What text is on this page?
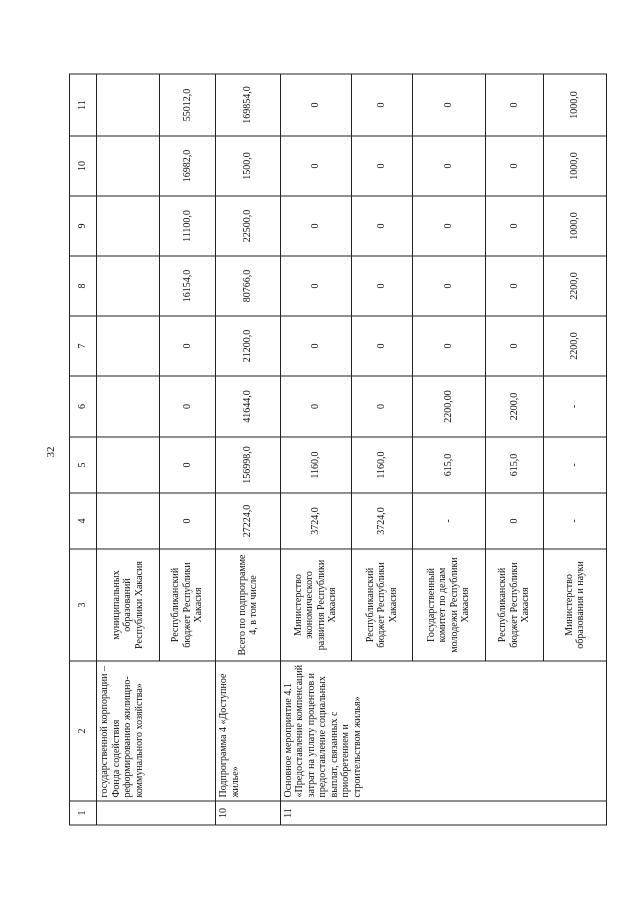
32
1	2	3	4	5	6	7	8	9	10	11
	государственной корпорации – Фонда содействия реформированию жилищно-коммунального хозяйства»	муниципальных образований Республики Хакасия								
		Республиканский бюджет Республики Хакасия	0	0	0	0	16154,0	11100,0	16982,0	55012,0
10	Подпрограмма 4 «Доступное жилье»	Всего по подпрограмме 4, в том числе	27224,0	156998,0	41644,0	21200,0	80766,0	22500,0	1500,0	169854,0
11	Основное мероприятие 4.1 «Предоставление компенсаций затрат на уплату процентов и предоставление социальных выплат, связанных с приобретением и строительством жилья»	Министерство экономического развития Республики Хакасия	3724,0	1160,0	0	0	0	0	0	0
		Республиканский бюджет Республики Хакасия	3724,0	1160,0	0	0	0	0	0	0
		Государственный комитет по делам молодежи Республики Хакасия	-	615,0	2200,00	0	0	0	0	0
		Республиканский бюджет Республики Хакасия	0	615,0	2200,0	0	0	0	0	0
		Министерство образования и науки	-	-	-	2200,0	2200,0	1000,0	1000,0	1000,0
